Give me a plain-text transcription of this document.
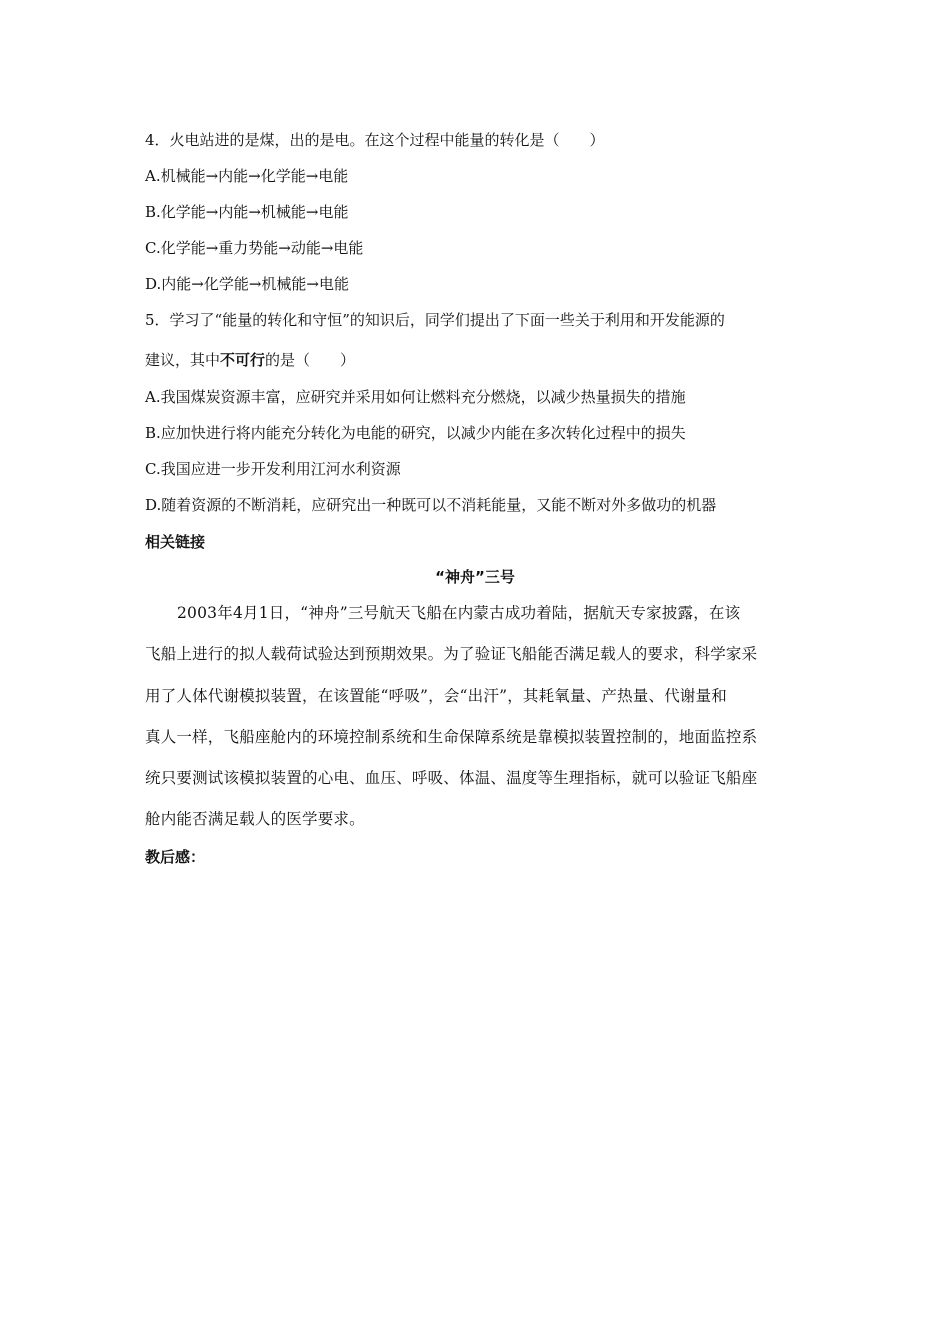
4．火电站进的是煤，出的是电。在这个过程中能量的转化是（　　）
A.机械能→内能→化学能→电能
B.化学能→内能→机械能→电能
C.化学能→重力势能→动能→电能
D.内能→化学能→机械能→电能
5．学习了“能量的转化和守恒”的知识后，同学们提出了下面一些关于利用和开发能源的
建议，其中不可行的是（　　）
A.我国煤炭资源丰富，应研究并采用如何让燃料充分燃烧，以减少热量损失的措施
B.应加快进行将内能充分转化为电能的研究，以减少内能在多次转化过程中的损失
C.我国应进一步开发利用江河水利资源
D.随着资源的不断消耗，应研究出一种既可以不消耗能量，又能不断对外多做功的机器
相关链接
“神舟”三号
2003年4月1日，“神舟”三号航天飞船在内蒙古成功着陆，据航天专家披露，在该
飞船上进行的拟人载荷试验达到预期效果。为了验证飞船能否满足载人的要求，科学家采
用了人体代谢模拟装置，在该置能“呼吸”，会“出汗”，其耗氧量、产热量、代谢量和
真人一样，飞船座舱内的环境控制系统和生命保障系统是靠模拟装置控制的，地面监控系
统只要测试该模拟装置的心电、血压、呼吸、体温、温度等生理指标，就可以验证飞船座
舱内能否满足载人的医学要求。
教后感：
